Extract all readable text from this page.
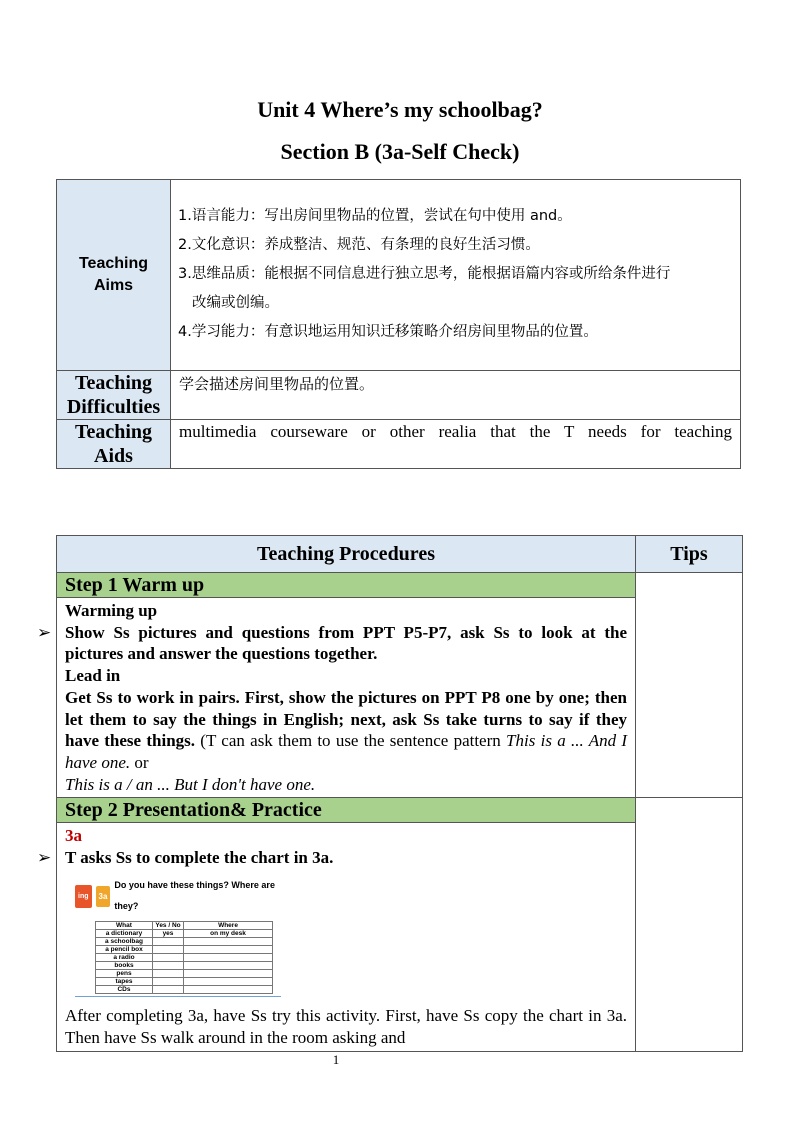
Unit 4 Where’s my schoolbag?
Section B (3a-Self Check)
Teaching Aims	1.语言能力：写出房间里物品的位置，尝试在句中使用 and。
2.文化意识：养成整洁、规范、有条理的良好生活习惯。
3.思维品质：能根据不同信息进行独立思考，能根据语篇内容或所给条件进行
改编或创编。
4.学习能力：有意识地运用知识迁移策略介绍房间里物品的位置。

Teaching Difficulties	学会描述房间里物品的位置。

Teaching Aids	multimedia courseware or other realia that the T needs for teaching
Teaching Procedures	Tips
Step 1 Warm up	

Warming up
➢ Show Ss pictures and questions from PPT P5-P7, ask Ss to look at the pictures and answer the questions together.
Lead in
Get Ss to work in pairs. First, show the pictures on PPT P8 one by one; then let them to say the things in English; next, ask Ss take turns to say if they have these things. (T can ask them to use the sentence pattern This is a ... And I have one. or
This is a / an ... But I don't have one.

Step 2 Presentation& Practice	

3a
➢ T asks Ss to complete the chart in 3a.
ing	3a
Do you have these things? Where are they?
What	Yes / No	Where
a dictionary	yes	on my desk
a schoolbag		
a pencil box		
a radio		
books		
pens		
tapes		
CDs		
After completing 3a, have Ss try this activity. First, have Ss copy the chart in 3a. Then have Ss walk around in the room asking and
1
